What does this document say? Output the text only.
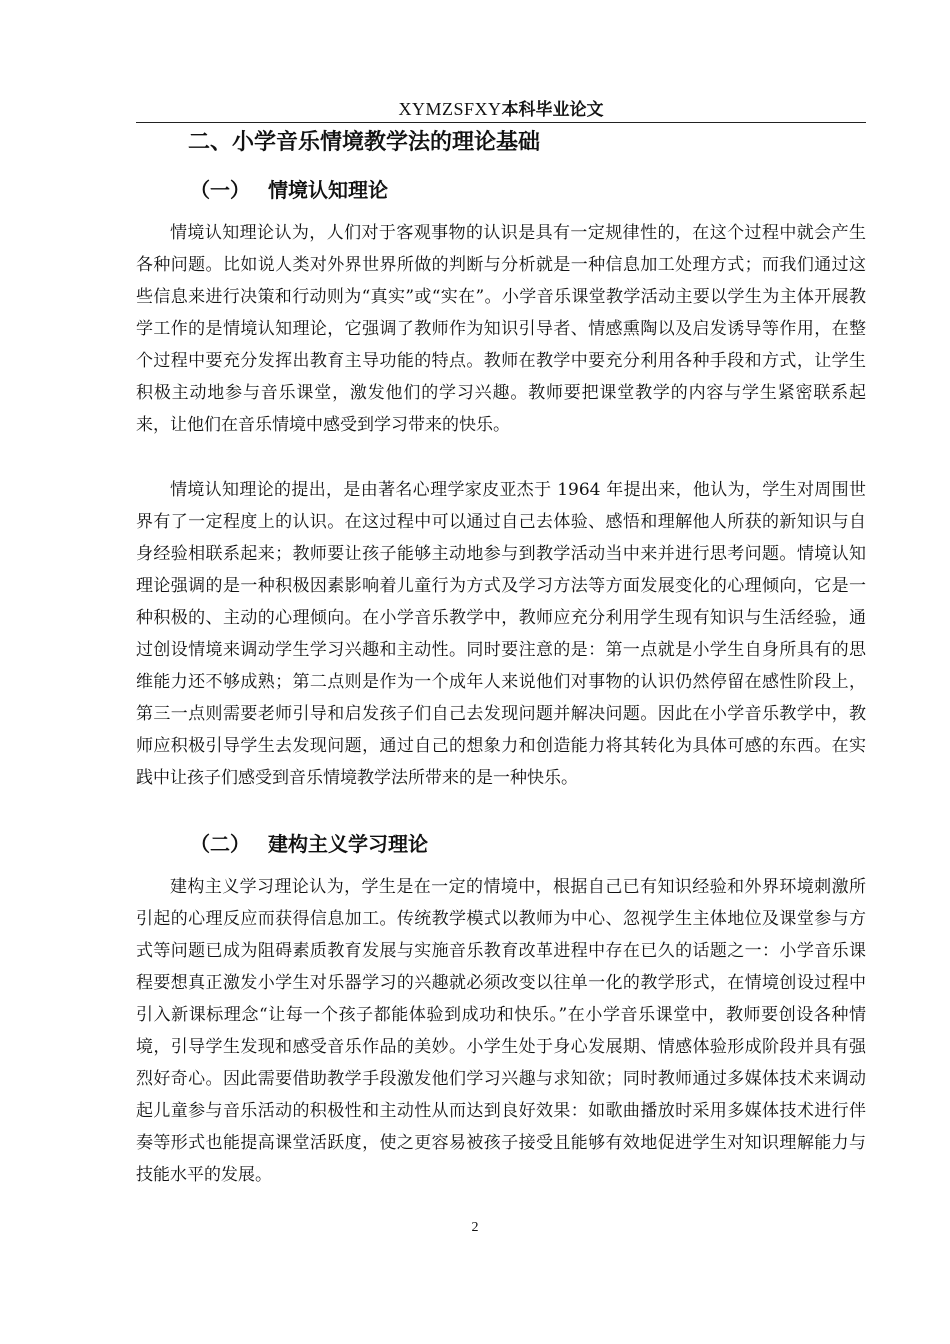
XYMZSFXY本科毕业论文
二、小学音乐情境教学法的理论基础
（一） 情境认知理论

情境认知理论认为，人们对于客观事物的认识是具有一定规律性的，在这个过程中就会产生各种问题。比如说人类对外界世界所做的判断与分析就是一种信息加工处理方式；而我们通过这些信息来进行决策和行动则为“真实”或“实在”。小学音乐课堂教学活动主要以学生为主体开展教学工作的是情境认知理论，它强调了教师作为知识引导者、情感熏陶以及启发诱导等作用，在整个过程中要充分发挥出教育主导功能的特点。教师在教学中要充分利用各种手段和方式，让学生积极主动地参与音乐课堂，激发他们的学习兴趣。教师要把课堂教学的内容与学生紧密联系起来，让他们在音乐情境中感受到学习带来的快乐。

情境认知理论的提出，是由著名心理学家皮亚杰于 1964 年提出来，他认为，学生对周围世界有了一定程度上的认识。在这过程中可以通过自己去体验、感悟和理解他人所获的新知识与自身经验相联系起来；教师要让孩子能够主动地参与到教学活动当中来并进行思考问题。情境认知理论强调的是一种积极因素影响着儿童行为方式及学习方法等方面发展变化的心理倾向，它是一种积极的、主动的心理倾向。在小学音乐教学中，教师应充分利用学生现有知识与生活经验，通过创设情境来调动学生学习兴趣和主动性。同时要注意的是：第一点就是小学生自身所具有的思维能力还不够成熟；第二点则是作为一个成年人来说他们对事物的认识仍然停留在感性阶段上，第三一点则需要老师引导和启发孩子们自己去发现问题并解决问题。因此在小学音乐教学中，教师应积极引导学生去发现问题，通过自己的想象力和创造能力将其转化为具体可感的东西。在实践中让孩子们感受到音乐情境教学法所带来的是一种快乐。

（二） 建构主义学习理论

建构主义学习理论认为，学生是在一定的情境中，根据自己已有知识经验和外界环境刺激所引起的心理反应而获得信息加工。传统教学模式以教师为中心、忽视学生主体地位及课堂参与方式等问题已成为阻碍素质教育发展与实施音乐教育改革进程中存在已久的话题之一：小学音乐课程要想真正激发小学生对乐器学习的兴趣就必须改变以往单一化的教学形式，在情境创设过程中引入新课标理念“让每一个孩子都能体验到成功和快乐。”在小学音乐课堂中，教师要创设各种情境，引导学生发现和感受音乐作品的美妙。小学生处于身心发展期、情感体验形成阶段并具有强烈好奇心。因此需要借助教学手段激发他们学习兴趣与求知欲；同时教师通过多媒体技术来调动起儿童参与音乐活动的积极性和主动性从而达到良好效果：如歌曲播放时采用多媒体技术进行伴奏等形式也能提高课堂活跃度，使之更容易被孩子接受且能够有效地促进学生对知识理解能力与技能水平的发展。

2
